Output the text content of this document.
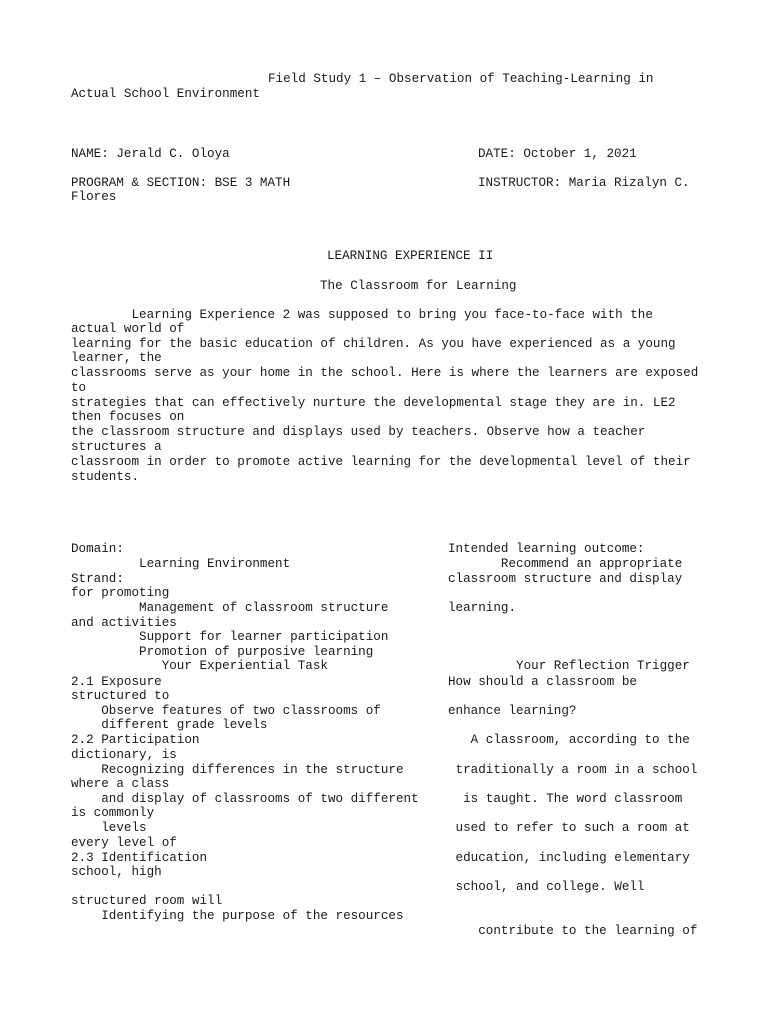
Field Study 1 – Observation of Teaching-Learning in
Actual School Environment
NAME: Jerald C. Oloya	DATE: October 1, 2021
PROGRAM & SECTION: BSE 3 MATH	INSTRUCTOR: Maria Rizalyn C.
Flores
LEARNING EXPERIENCE II
The Classroom for Learning
Learning Experience 2 was supposed to bring you face-to-face with the
actual world of
learning for the basic education of children. As you have experienced as a young
learner, the
classrooms serve as your home in the school. Here is where the learners are exposed
to
strategies that can effectively nurture the developmental stage they are in. LE2
then focuses on
the classroom structure and displays used by teachers. Observe how a teacher
structures a
classroom in order to promote active learning for the developmental level of their
students.
Domain:
Learning Environment
Strand:
for promoting
Management of classroom structure
and activities
Support for learner participation
Promotion of purposive learning
Your Experiential Task
2.1 Exposure
structured to
Observe features of two classrooms of
different grade levels
2.2 Participation
dictionary, is
Recognizing differences in the structure
where a class
and display of classrooms of two different
is commonly
levels
every level of
2.3 Identification
school, high
structured room will
Identifying the purpose of the resources
Intended learning outcome:
Recommend an appropriate
classroom structure and display
learning.
Your Reflection Trigger
How should a classroom be
enhance learning?
A classroom, according to the
traditionally a room in a school
is taught. The word classroom
used to refer to such a room at
education, including elementary
school, and college. Well
contribute to the learning of
